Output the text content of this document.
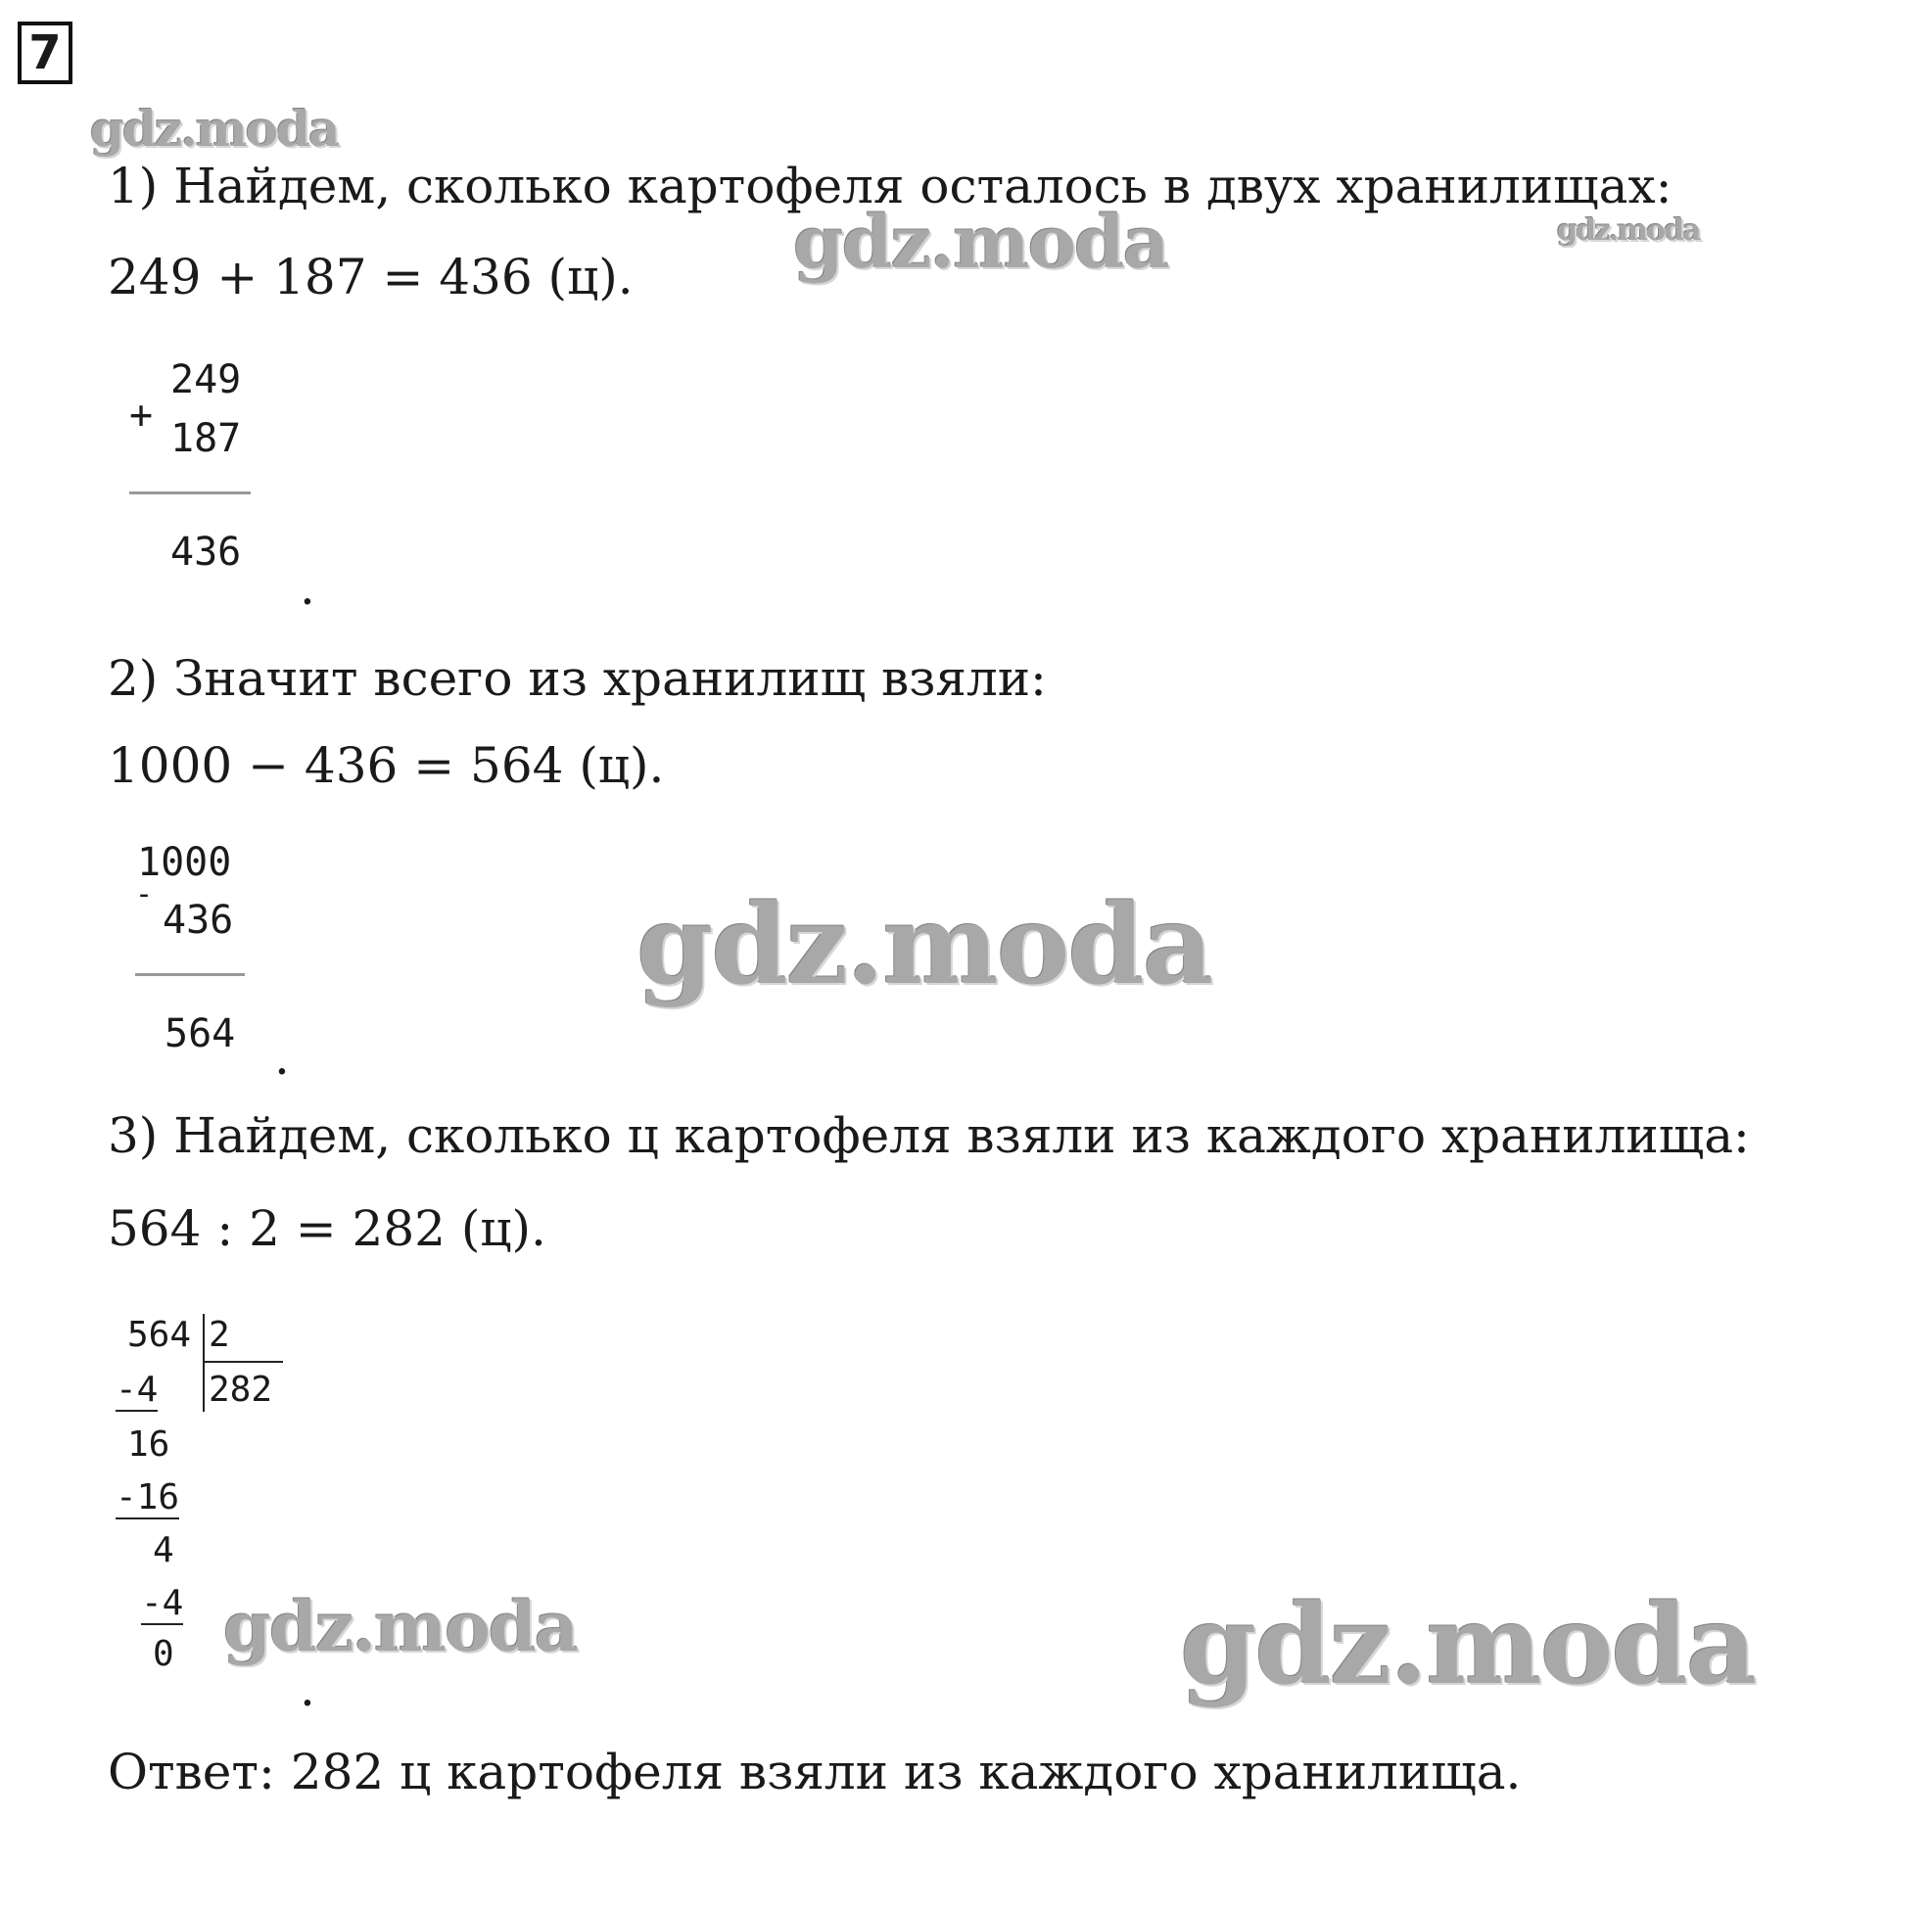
7
gdz.moda
gdz.moda	gdz.moda
gdz.moda
gdz.moda	gdz.moda
1) Найдем, сколько картофеля осталось в двух хранилищах:
249 + 187 = 436 (ц).
+
249
187
436
.
2) Значит всего из хранилищ взяли:
1000 − 436 = 564 (ц).
1000
-
436
564 .
3) Найдем, сколько ц картофеля взяли из каждого хранилища:
564 : 2 = 282 (ц).
564 2
282
-4
16
-16
4
-4
0
.
Ответ: 282 ц картофеля взяли из каждого хранилища.
